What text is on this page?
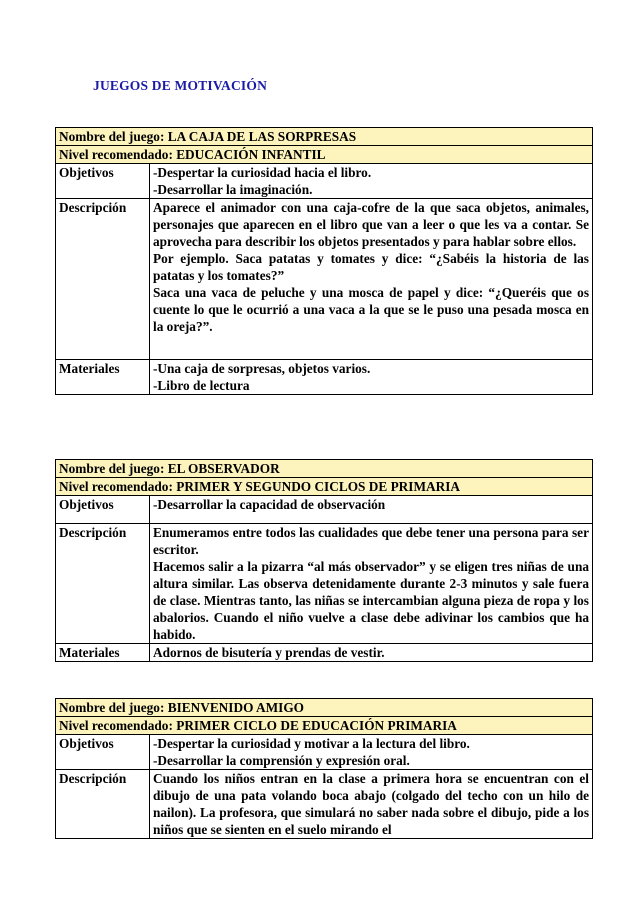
JUEGOS DE MOTIVACIÓN
Nombre del juego: LA CAJA DE LAS SORPRESAS	
Nivel recomendado: EDUCACIÓN INFANTIL	
Objetivos	-Despertar la curiosidad hacia el libro.
-Desarrollar la imaginación.

Descripción	Aparece el animador con una caja-cofre de la que saca objetos, animales, personajes que aparecen en el libro que van a leer o que les va a contar. Se aprovecha para describir los objetos presentados y para hablar sobre ellos.
Por ejemplo. Saca patatas y tomates y dice: “¿Sabéis la historia de las patatas y los tomates?”
Saca una vaca de peluche y una mosca de papel y dice: “¿Queréis que os cuente lo que le ocurrió a una vaca a la que se le puso una pesada mosca en la oreja?”.

Materiales	-Una caja de sorpresas, objetos varios.
-Libro de lectura
Nombre del juego: EL OBSERVADOR	
Nivel recomendado: PRIMER Y SEGUNDO CICLOS DE PRIMARIA	
Objetivos	-Desarrollar la capacidad de observación

Descripción	Enumeramos entre todos las cualidades que debe tener una persona para ser escritor.
Hacemos salir a la pizarra “al más observador” y se eligen tres niñas de una altura similar. Las observa detenidamente durante 2-3 minutos y sale fuera de clase. Mientras tanto, las niñas se intercambian alguna pieza de ropa y los abalorios. Cuando el niño vuelve a clase debe adivinar los cambios que ha habido.

Materiales	Adornos de bisutería y prendas de vestir.
Nombre del juego: BIENVENIDO AMIGO	
Nivel recomendado: PRIMER CICLO DE EDUCACIÓN PRIMARIA	
Objetivos	-Despertar la curiosidad y motivar a la lectura del libro.
-Desarrollar la comprensión y expresión oral.

Descripción	Cuando los niños entran en la clase a primera hora se encuentran con el dibujo de una pata volando boca abajo (colgado del techo con un hilo de nailon). La profesora, que simulará no saber nada sobre el dibujo, pide a los niños que se sienten en el suelo mirando el
